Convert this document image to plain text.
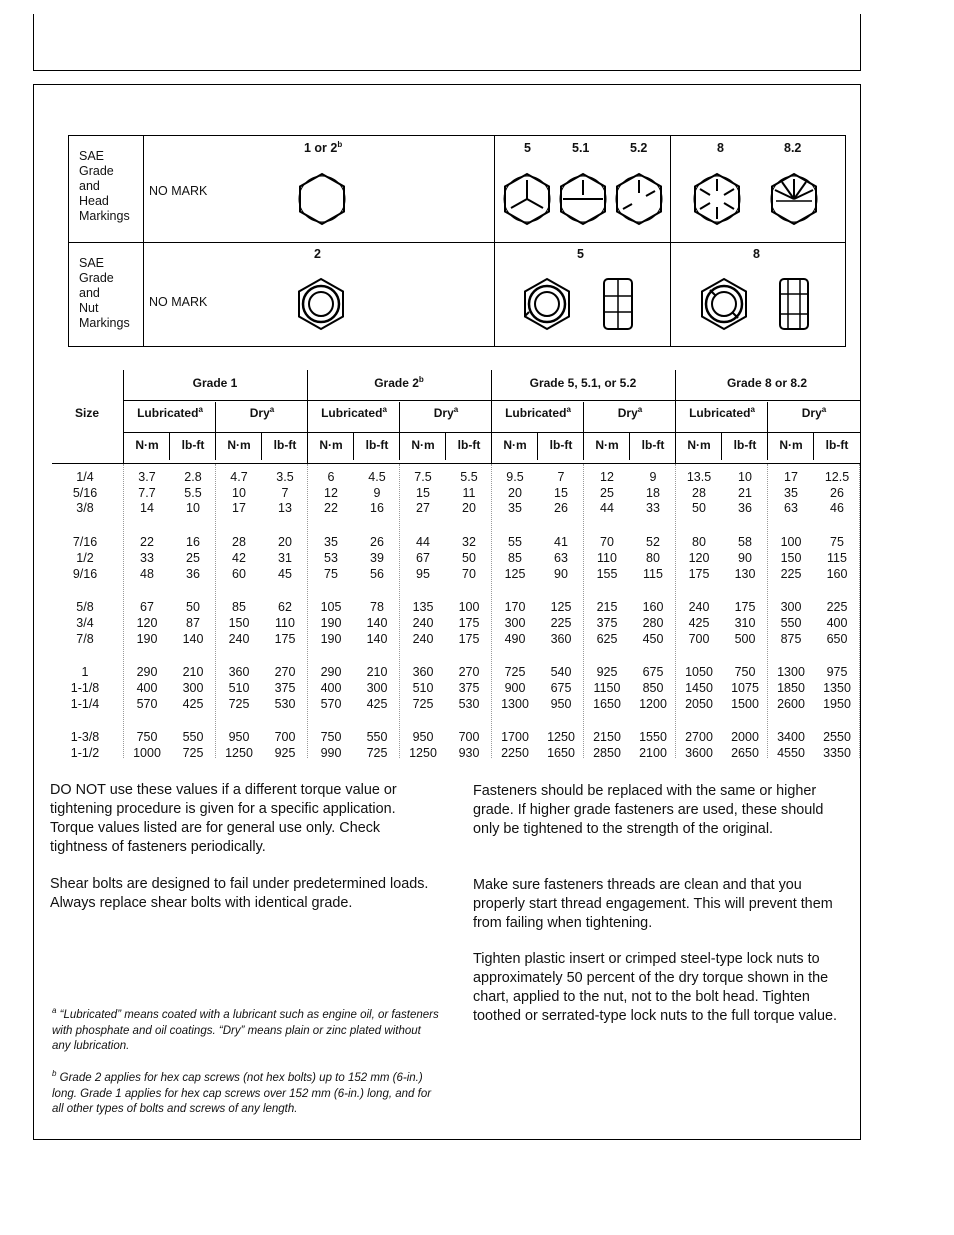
SAE
Grade
and
Head
Markings
NO MARK
SAE
Grade
and
Nut
Markings
NO MARK
1 or 2$^b$	5	5.1	5.2	8	8.2
2	5	8
Size
Grade 1	Grade 2$^b$	Grade 5, 5.1, or 5.2	Grade 8 or 8.2
Lubricated$^a$	Dry$^a$	Lubricated$^a$	Dry$^a$	Lubricated$^a$	Dry$^a$	Lubricated$^a$	Dry$^a$
N·m	lb-ft	N·m	lb-ft	N·m	lb-ft	N·m	lb-ft	N·m	lb-ft	N·m	lb-ft	N·m	lb-ft	N·m	lb-ft
1/4	3.7	2.8	4.7	3.5	6	4.5	7.5	5.5	9.5	7	12	9	13.5	10	17	12.5
5/16	7.7	5.5	10	7	12	9	15	11	20	15	25	18	28	21	35	26
3/8	14	10	17	13	22	16	27	20	35	26	44	33	50	36	63	46
7/16	22	16	28	20	35	26	44	32	55	41	70	52	80	58	100	75
1/2	33	25	42	31	53	39	67	50	85	63	110	80	120	90	150	115
9/16	48	36	60	45	75	56	95	70	125	90	155	115	175	130	225	160
5/8	67	50	85	62	105	78	135	100	170	125	215	160	240	175	300	225
3/4	120	87	150	110	190	140	240	175	300	225	375	280	425	310	550	400
7/8	190	140	240	175	190	140	240	175	490	360	625	450	700	500	875	650
1	290	210	360	270	290	210	360	270	725	540	925	675	1050	750	1300	975
1-1/8	400	300	510	375	400	300	510	375	900	675	1150	850	1450	1075	1850	1350
1-1/4	570	425	725	530	570	425	725	530	1300	950	1650	1200	2050	1500	2600	1950
1-3/8	750	550	950	700	750	550	950	700	1700	1250	2150	1550	2700	2000	3400	2550
1-1/2	1000	725	1250	925	990	725	1250	930	2250	1650	2850	2100	3600	2650	4550	3350
DO NOT use these values if a different torque value or tightening procedure is given for a specific application. Torque values listed are for general use only. Check tightness of fasteners periodically.
Shear bolts are designed to fail under predetermined loads. Always replace shear bolts with identical grade.
$^a$ “Lubricated” means coated with a lubricant such as engine oil, or fasteners with phosphate and oil coatings. “Dry” means plain or zinc plated without any lubrication.
$^b$ Grade 2 applies for hex cap screws (not hex bolts) up to 152 mm (6-in.) long. Grade 1 applies for hex cap screws over 152 mm (6-in.) long, and for all other types of bolts and screws of any length.
Fasteners should be replaced with the same or higher grade. If higher grade fasteners are used, these should only be tightened to the strength of the original.
Make sure fasteners threads are clean and that you properly start thread engagement. This will prevent them from failing when tightening.
Tighten plastic insert or crimped steel-type lock nuts to approximately 50 percent of the dry torque shown in the chart, applied to the nut, not to the bolt head. Tighten toothed or serrated-type lock nuts to the full torque value.
